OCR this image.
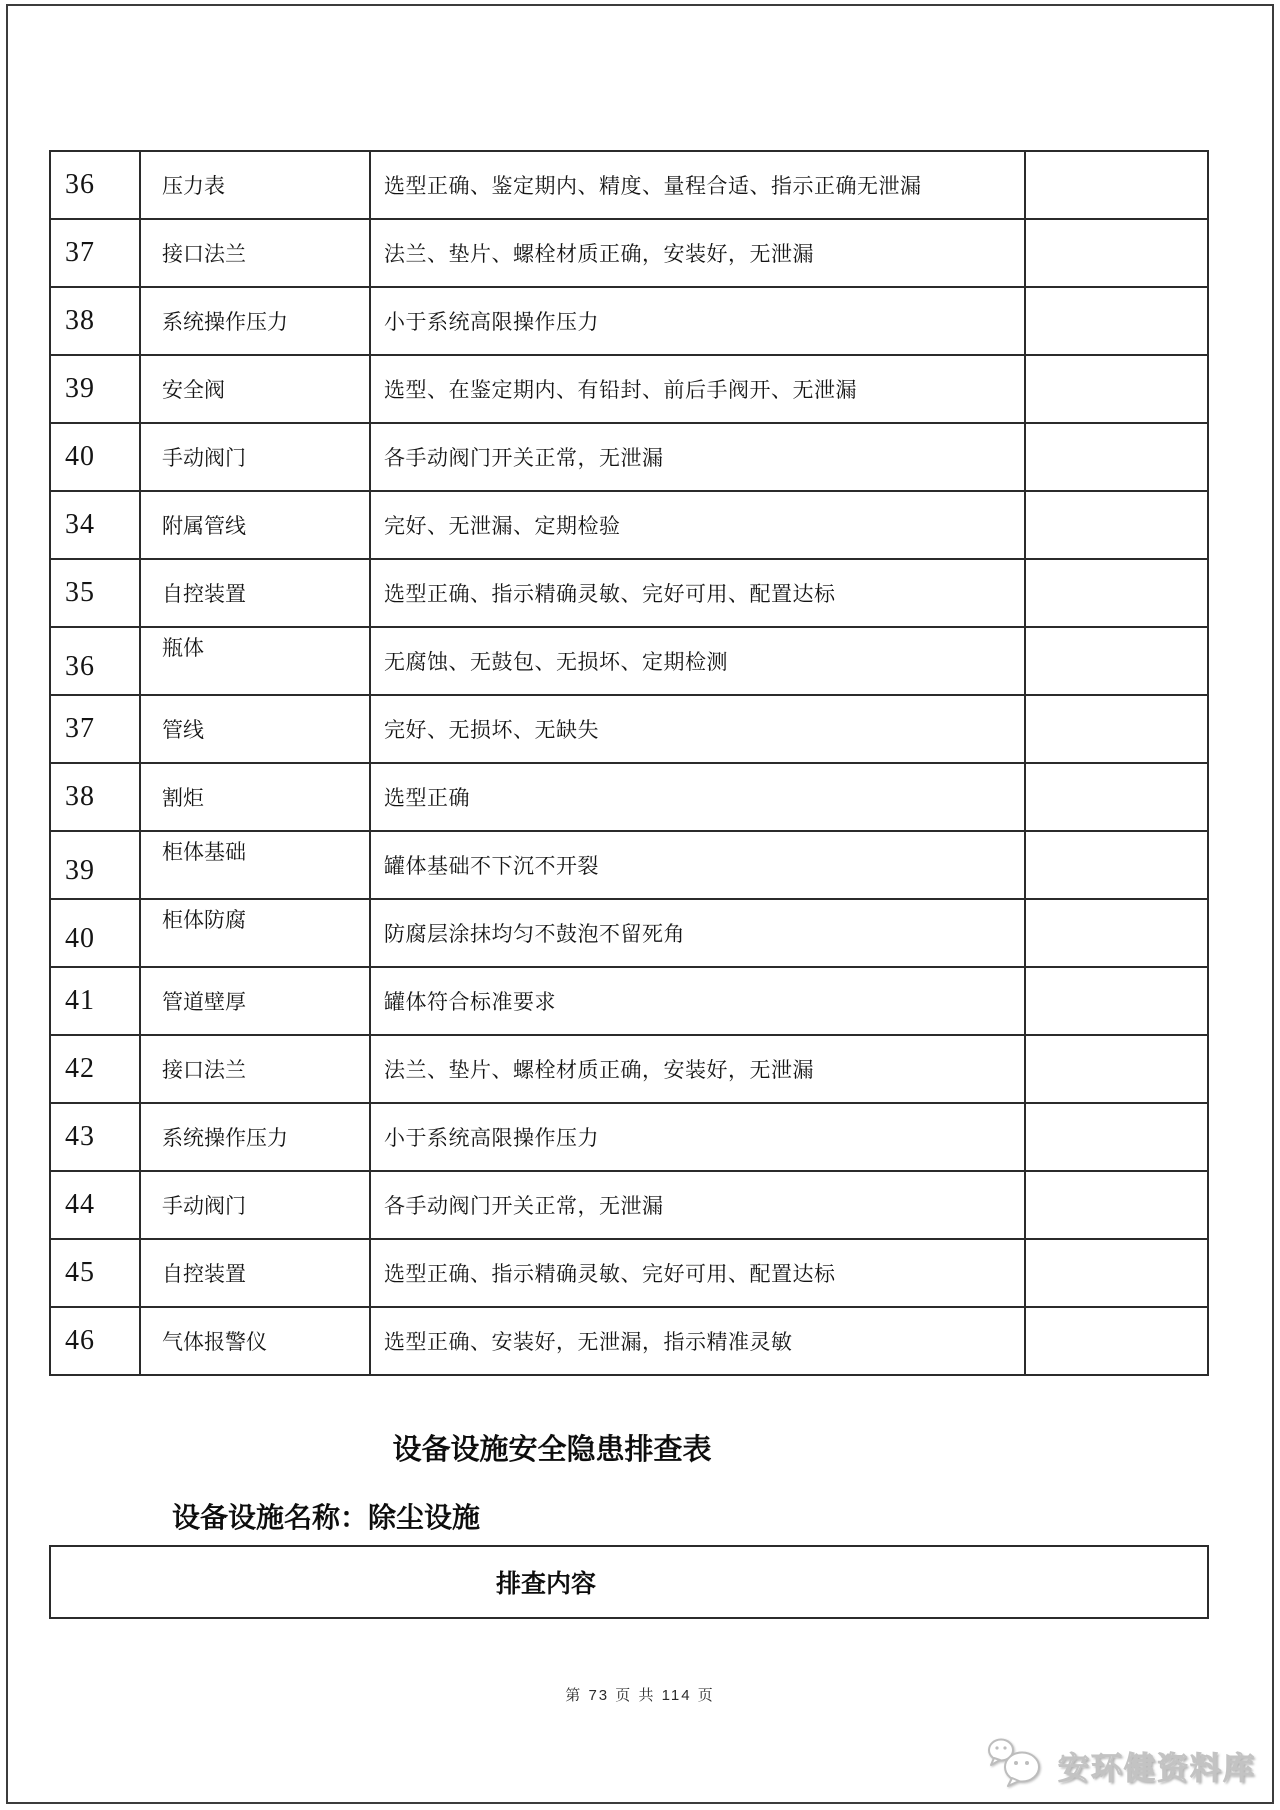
36	压力表	选型正确、鉴定期内、精度、量程合适、指示正确无泄漏	
37	接口法兰	法兰、垫片、螺栓材质正确，安装好，无泄漏	
38	系统操作压力	小于系统高限操作压力	
39	安全阀	选型、在鉴定期内、有铅封、前后手阀开、无泄漏	
40	手动阀门	各手动阀门开关正常，无泄漏	
34	附属管线	完好、无泄漏、定期检验	
35	自控装置	选型正确、指示精确灵敏、完好可用、配置达标	
36	瓶体	无腐蚀、无鼓包、无损坏、定期检测	
37	管线	完好、无损坏、无缺失	
38	割炬	选型正确	
39	柜体基础	罐体基础不下沉不开裂	
40	柜体防腐	防腐层涂抹均匀不鼓泡不留死角	
41	管道壁厚	罐体符合标准要求	
42	接口法兰	法兰、垫片、螺栓材质正确，安装好，无泄漏	
43	系统操作压力	小于系统高限操作压力	
44	手动阀门	各手动阀门开关正常，无泄漏	
45	自控装置	选型正确、指示精确灵敏、完好可用、配置达标	
46	气体报警仪	选型正确、安装好，无泄漏，指示精准灵敏	
设备设施安全隐患排查表
设备设施名称：除尘设施
排查内容
第 73 页 共 114 页
安环健资料库
